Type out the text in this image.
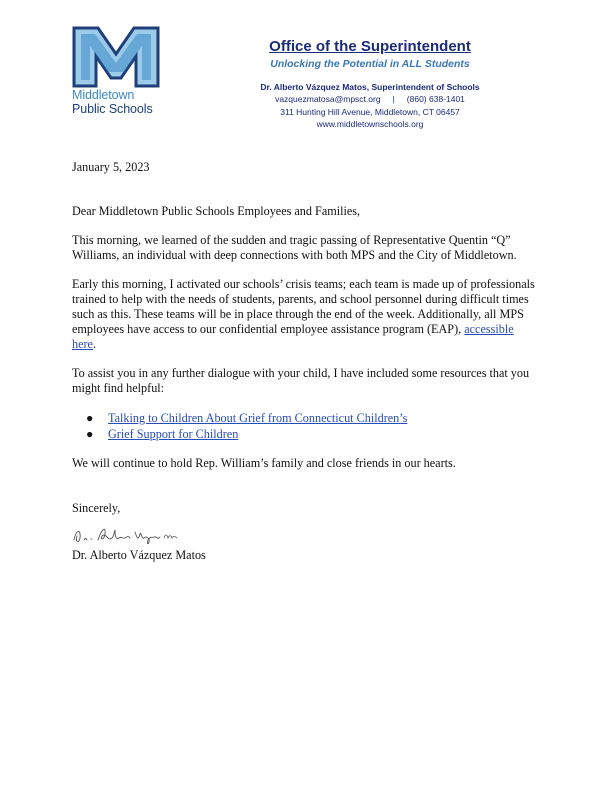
Middletown
Public Schools
Office of the Superintendent
Unlocking the Potential in ALL Students
Dr. Alberto Vázquez Matos, Superintendent of Schools
vazquezmatosa@mpsct.org | (860) 638-1401
311 Hunting Hill Avenue, Middletown, CT 06457
www.middletownschools.org

January 5, 2023

Dear Middletown Public Schools Employees and Families,

This morning, we learned of the sudden and tragic passing of Representative Quentin “Q” Williams, an individual with deep connections with both MPS and the City of Middletown.

Early this morning, I activated our schools’ crisis teams; each team is made up of professionals trained to help with the needs of students, parents, and school personnel during difficult times such as this. These teams will be in place through the end of the week. Additionally, all MPS employees have access to our confidential employee assistance program (EAP), accessible here.

To assist you in any further dialogue with your child, I have included some resources that you might find helpful:

● Talking to Children About Grief from Connecticut Children’s
● Grief Support for Children

We will continue to hold Rep. William’s family and close friends in our hearts.

Sincerely,

Dr. Alberto Vázquez Matos
